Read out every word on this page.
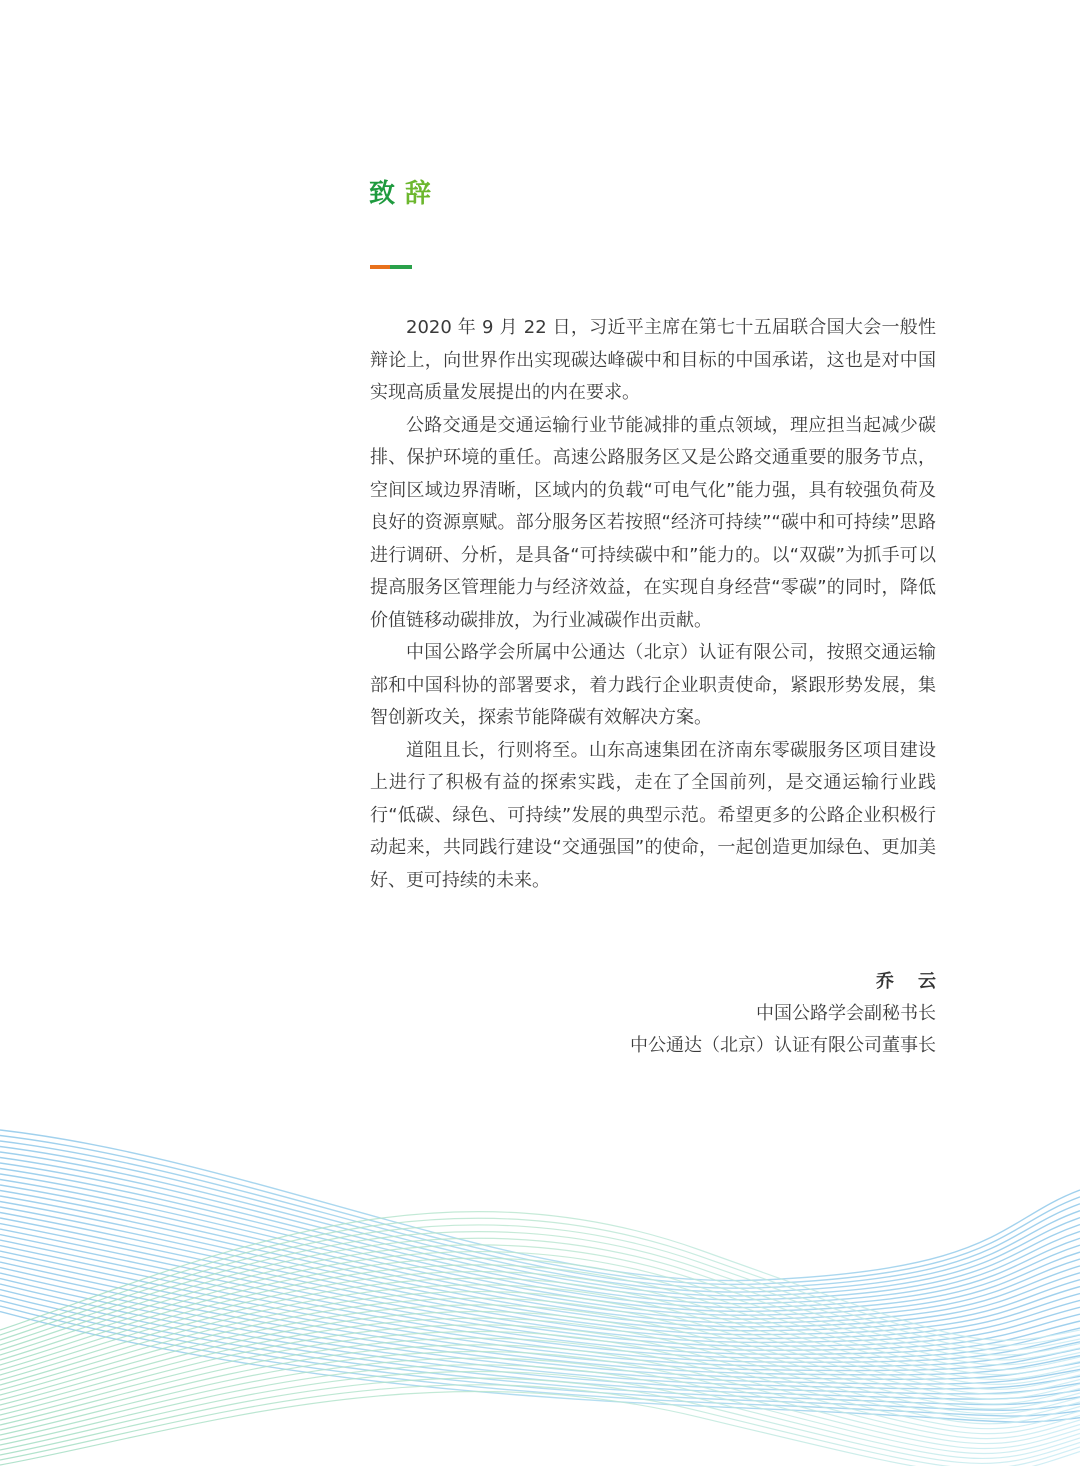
致辞

2020 年 9 月 22 日，习近平主席在第七十五届联合国大会一般性辩论上，向世界作出实现碳达峰碳中和目标的中国承诺，这也是对中国实现高质量发展提出的内在要求。

公路交通是交通运输行业节能减排的重点领域，理应担当起减少碳排、保护环境的重任。高速公路服务区又是公路交通重要的服务节点，空间区域边界清晰，区域内的负载“可电气化”能力强，具有较强负荷及良好的资源禀赋。部分服务区若按照“经济可持续”“碳中和可持续”思路进行调研、分析，是具备“可持续碳中和”能力的。以“双碳”为抓手可以提高服务区管理能力与经济效益，在实现自身经营“零碳”的同时，降低价值链移动碳排放，为行业减碳作出贡献。

中国公路学会所属中公通达（北京）认证有限公司，按照交通运输部和中国科协的部署要求，着力践行企业职责使命，紧跟形势发展，集智创新攻关，探索节能降碳有效解决方案。

道阻且长，行则将至。山东高速集团在济南东零碳服务区项目建设上进行了积极有益的探索实践，走在了全国前列，是交通运输行业践行“低碳、绿色、可持续”发展的典型示范。希望更多的公路企业积极行动起来，共同践行建设“交通强国”的使命，一起创造更加绿色、更加美好、更可持续的未来。

乔云
中国公路学会副秘书长
中公通达（北京）认证有限公司董事长
